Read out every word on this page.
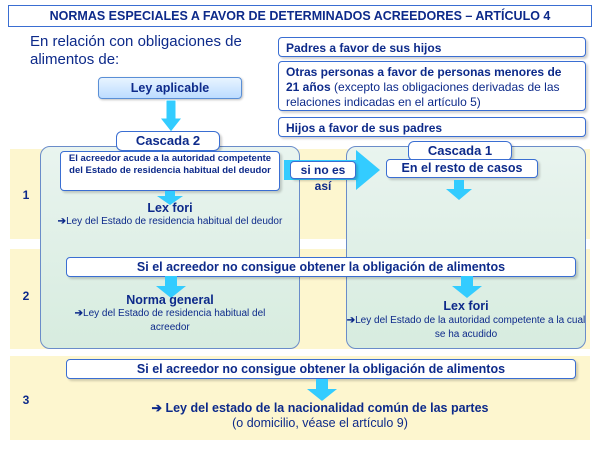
NORMAS ESPECIALES A FAVOR DE DETERMINADOS ACREEDORES – ARTÍCULO 4
En relación con obligaciones de alimentos de:
Ley aplicable
Padres a favor de sus hijos
Otras personas a favor de personas menores de 21 años (excepto las obligaciones derivadas de las relaciones indicadas en el artículo 5)
Hijos a favor de sus padres
1
2
3
Cascada 2
El acreedor acude a la autoridad competente del Estado de residencia habitual del deudor
Lex fori
➔Ley del Estado de residencia habitual del deudor
si no es así
Cascada 1
En el resto de casos
Si el acreedor no consigue obtener la obligación de alimentos
Norma general
➔Ley del Estado de residencia habitual del acreedor
Lex fori
➔Ley del Estado de la autoridad competente a la cual se ha acudido
Si el acreedor no consigue obtener la obligación de alimentos
➔ Ley del estado de la nacionalidad común de las partes
(o domicilio, véase el artículo 9)
